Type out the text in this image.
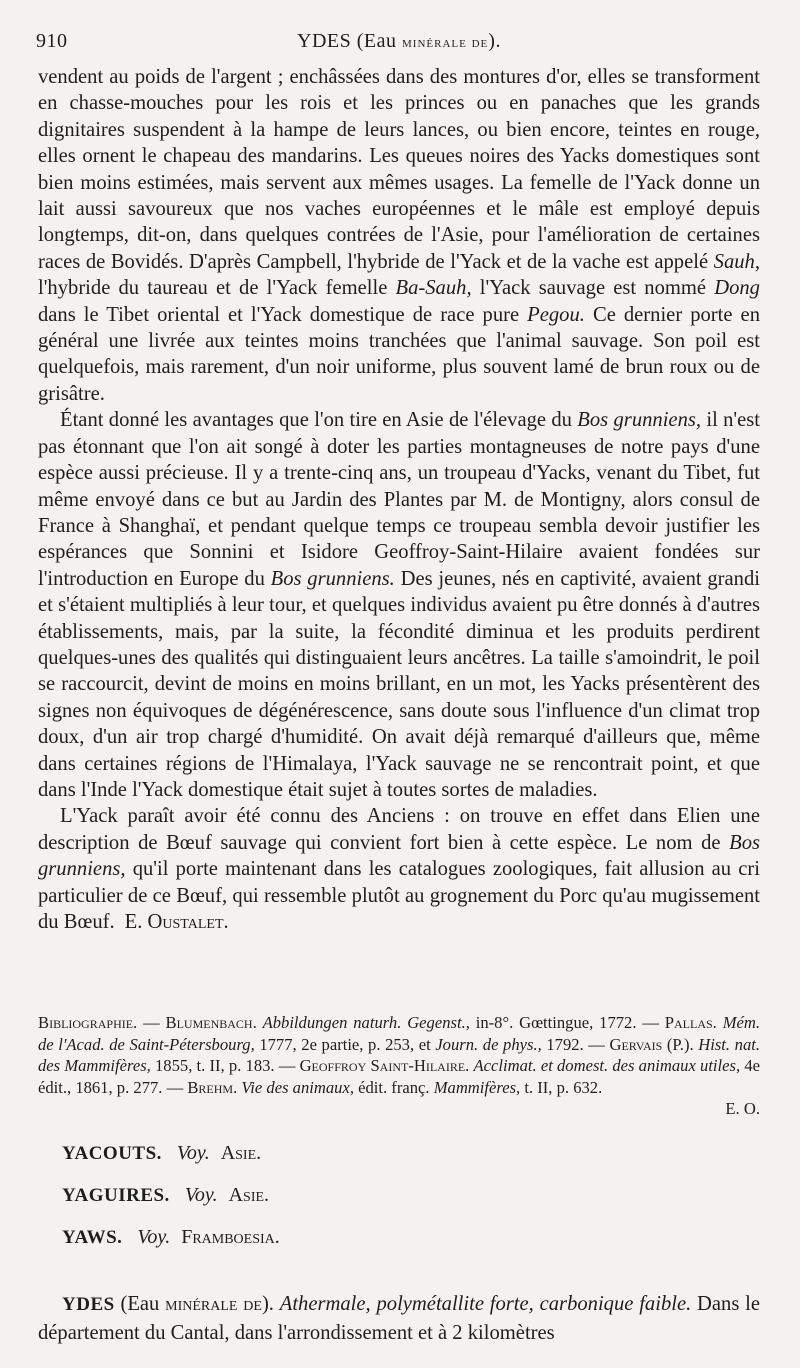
910	YDES (Eau minérale de).

vendent au poids de l'argent ; enchâssées dans des montures d'or, elles se transforment en chasse-mouches pour les rois et les princes ou en panaches que les grands dignitaires suspendent à la hampe de leurs lances, ou bien encore, teintes en rouge, elles ornent le chapeau des mandarins. Les queues noires des Yacks domestiques sont bien moins estimées, mais servent aux mêmes usages. La femelle de l'Yack donne un lait aussi savoureux que nos vaches européennes et le mâle est employé depuis longtemps, dit-on, dans quelques contrées de l'Asie, pour l'amélioration de certaines races de Bovidés. D'après Campbell, l'hybride de l'Yack et de la vache est appelé Sauh, l'hybride du taureau et de l'Yack femelle Ba-Sauh, l'Yack sauvage est nommé Dong dans le Tibet oriental et l'Yack domestique de race pure Pegou. Ce dernier porte en général une livrée aux teintes moins tranchées que l'animal sauvage. Son poil est quelquefois, mais rarement, d'un noir uniforme, plus souvent lamé de brun roux ou de grisâtre.

Étant donné les avantages que l'on tire en Asie de l'élevage du Bos grunniens, il n'est pas étonnant que l'on ait songé à doter les parties montagneuses de notre pays d'une espèce aussi précieuse. Il y a trente-cinq ans, un troupeau d'Yacks, venant du Tibet, fut même envoyé dans ce but au Jardin des Plantes par M. de Montigny, alors consul de France à Shanghaï, et pendant quelque temps ce troupeau sembla devoir justifier les espérances que Sonnini et Isidore Geoffroy-Saint-Hilaire avaient fondées sur l'introduction en Europe du Bos grunniens. Des jeunes, nés en captivité, avaient grandi et s'étaient multipliés à leur tour, et quelques individus avaient pu être donnés à d'autres établissements, mais, par la suite, la fécondité diminua et les produits perdirent quelques-unes des qualités qui distinguaient leurs ancêtres. La taille s'amoindrit, le poil se raccourcit, devint de moins en moins brillant, en un mot, les Yacks présentèrent des signes non équivoques de dégénérescence, sans doute sous l'influence d'un climat trop doux, d'un air trop chargé d'humidité. On avait déjà remarqué d'ailleurs que, même dans certaines régions de l'Himalaya, l'Yack sauvage ne se rencontrait point, et que dans l'Inde l'Yack domestique était sujet à toutes sortes de maladies.

L'Yack paraît avoir été connu des Anciens : on trouve en effet dans Elien une description de Bœuf sauvage qui convient fort bien à cette espèce. Le nom de Bos grunniens, qu'il porte maintenant dans les catalogues zoologiques, fait allusion au cri particulier de ce Bœuf, qui ressemble plutôt au grognement du Porc qu'au mugissement du Bœuf. E. Oustalet.

Bibliographie. — Blumenbach. Abbildungen naturh. Gegenst., in-8°. Gœttingue, 1772. — Pallas. Mém. de l'Acad. de Saint-Pétersbourg, 1777, 2e partie, p. 253, et Journ. de phys., 1792. — Gervais (P.). Hist. nat. des Mammifères, 1855, t. II, p. 183. — Geoffroy Saint-Hilaire. Acclimat. et domest. des animaux utiles, 4e édit., 1861, p. 277. — Brehm. Vie des animaux, édit. franç. Mammifères, t. II, p. 632.

E. O.

YACOUTS. Voy. Asie.
YAGUIRES. Voy. Asie.
YAWS. Voy. Framboesia.

YDES (Eau minérale de). Athermale, polymétallite forte, carbonique faible. Dans le département du Cantal, dans l'arrondissement et à 2 kilomètres
